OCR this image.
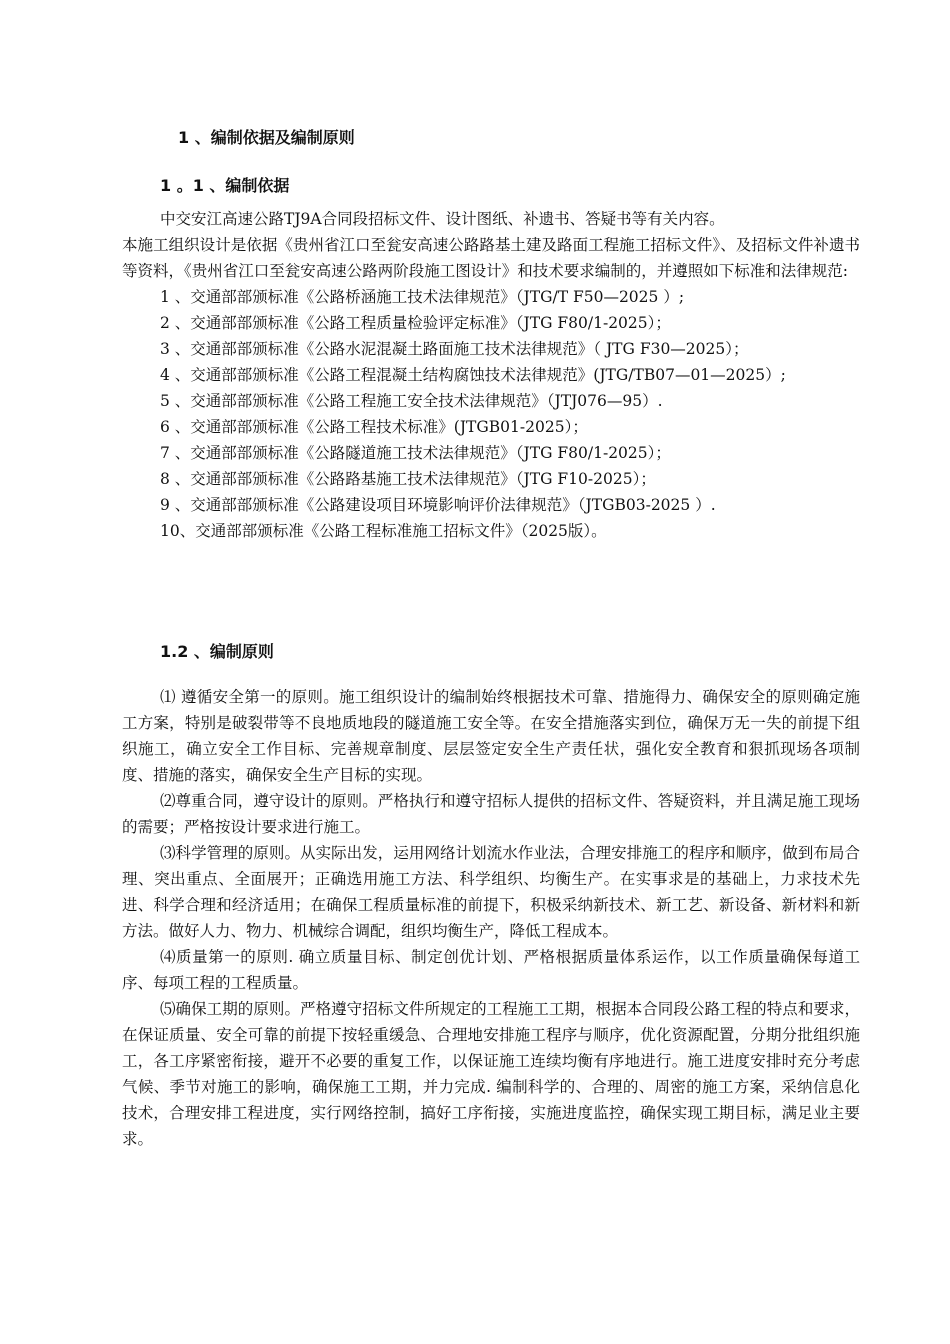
1 、编制依据及编制原则
1 。1 、编制依据

中交安江高速公路TJ9A合同段招标文件、设计图纸、补遗书、答疑书等有关内容。

本施工组织设计是依据《贵州省江口至瓮安高速公路路基土建及路面工程施工招标文件》、及招标文件补遗书等资料，《贵州省江口至瓮安高速公路两阶段施工图设计》和技术要求编制的，并遵照如下标准和法律规范:

1 、交通部部颁标准《公路桥涵施工技术法律规范》（JTG/T F50—2025 ）;

2 、交通部部颁标准《公路工程质量检验评定标准》（JTG F80/1-2025）；

3 、交通部部颁标准《公路水泥混凝土路面施工技术法律规范》（ JTG F30—2025）；

4 、交通部部颁标准《公路工程混凝土结构腐蚀技术法律规范》(JTG/TB07—01—2025）;

5 、交通部部颁标准《公路工程施工安全技术法律规范》（JTJ076—95）.

6 、交通部部颁标准《公路工程技术标准》(JTGB01-2025）；

7 、交通部部颁标准《公路隧道施工技术法律规范》（JTG F80/1-2025）；

8 、交通部部颁标准《公路路基施工技术法律规范》（JTG F10-2025）；

9 、交通部部颁标准《公路建设项目环境影响评价法律规范》（JTGB03-2025 ）.

10、交通部部颁标准《公路工程标准施工招标文件》（2025版）。

1.2 、编制原则

⑴ 遵循安全第一的原则。施工组织设计的编制始终根据技术可靠、措施得力、确保安全的原则确定施工方案，特别是破裂带等不良地质地段的隧道施工安全等。在安全措施落实到位，确保万无一失的前提下组织施工，确立安全工作目标、完善规章制度、层层签定安全生产责任状，强化安全教育和狠抓现场各项制度、措施的落实，确保安全生产目标的实现。

⑵尊重合同，遵守设计的原则。严格执行和遵守招标人提供的招标文件、答疑资料，并且满足施工现场的需要；严格按设计要求进行施工。

⑶科学管理的原则。从实际出发，运用网络计划流水作业法，合理安排施工的程序和顺序，做到布局合理、突出重点、全面展开；正确选用施工方法、科学组织、均衡生产。在实事求是的基础上，力求技术先进、科学合理和经济适用；在确保工程质量标准的前提下，积极采纳新技术、新工艺、新设备、新材料和新方法。做好人力、物力、机械综合调配，组织均衡生产，降低工程成本。

⑷质量第一的原则. 确立质量目标、制定创优计划、严格根据质量体系运作，以工作质量确保每道工序、每项工程的工程质量。

⑸确保工期的原则。严格遵守招标文件所规定的工程施工工期，根据本合同段公路工程的特点和要求，在保证质量、安全可靠的前提下按轻重缓急、合理地安排施工程序与顺序，优化资源配置，分期分批组织施工，各工序紧密衔接，避开不必要的重复工作，以保证施工连续均衡有序地进行。施工进度安排时充分考虑气候、季节对施工的影响，确保施工工期，并力完成. 编制科学的、合理的、周密的施工方案，采纳信息化技术，合理安排工程进度，实行网络控制，搞好工序衔接，实施进度监控，确保实现工期目标，满足业主要求。
